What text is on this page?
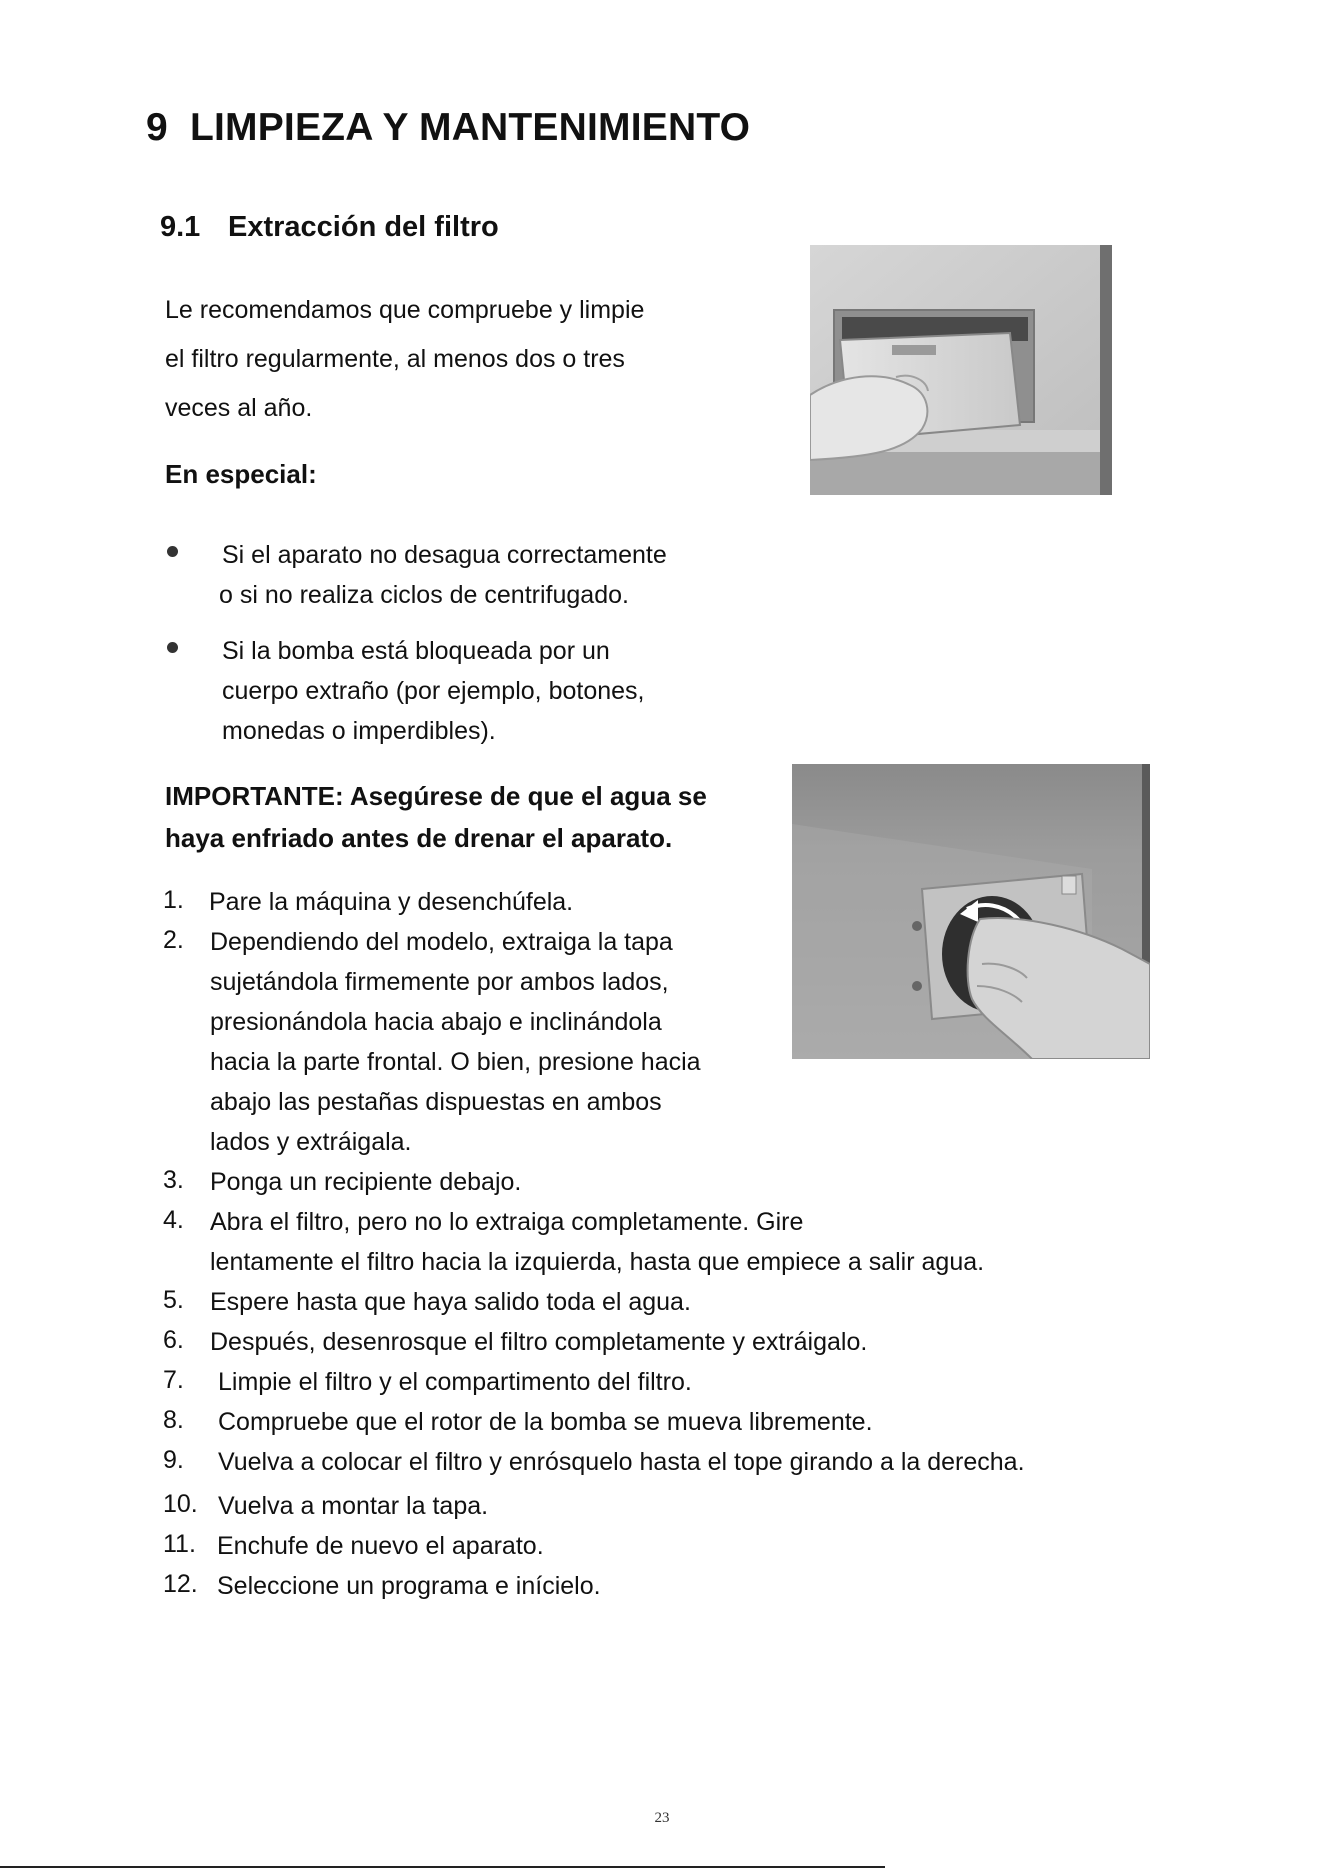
9 LIMPIEZA Y MANTENIMIENTO
9.1 Extracción del filtro
Le recomendamos que compruebe y limpie
el filtro regularmente, al menos dos o tres
veces al año.

En especial:

Si el aparato no desagua correctamente
o si no realiza ciclos de centrifugado.
Si la bomba está bloqueada por un
cuerpo extraño (por ejemplo, botones,
monedas o imperdibles).
IMPORTANTE: Asegúrese de que el agua se
haya enfriado antes de drenar el aparato.
1. Pare la máquina y desenchúfela.
2. Dependiendo del modelo, extraiga la tapa
sujetándola firmemente por ambos lados,
presionándola hacia abajo e inclinándola
hacia la parte frontal. O bien, presione hacia
abajo las pestañas dispuestas en ambos
lados y extráigala.
3. Ponga un recipiente debajo.
4. Abra el filtro, pero no lo extraiga completamente. Gire
lentamente el filtro hacia la izquierda, hasta que empiece a salir agua.
5. Espere hasta que haya salido toda el agua.
6. Después, desenrosque el filtro completamente y extráigalo.
7. Limpie el filtro y el compartimento del filtro.
8. Compruebe que el rotor de la bomba se mueva libremente.
9. Vuelva a colocar el filtro y enrósquelo hasta el tope girando a la derecha.
10. Vuelva a montar la tapa.
11. Enchufe de nuevo el aparato.
12. Seleccione un programa e inícielo.
23
